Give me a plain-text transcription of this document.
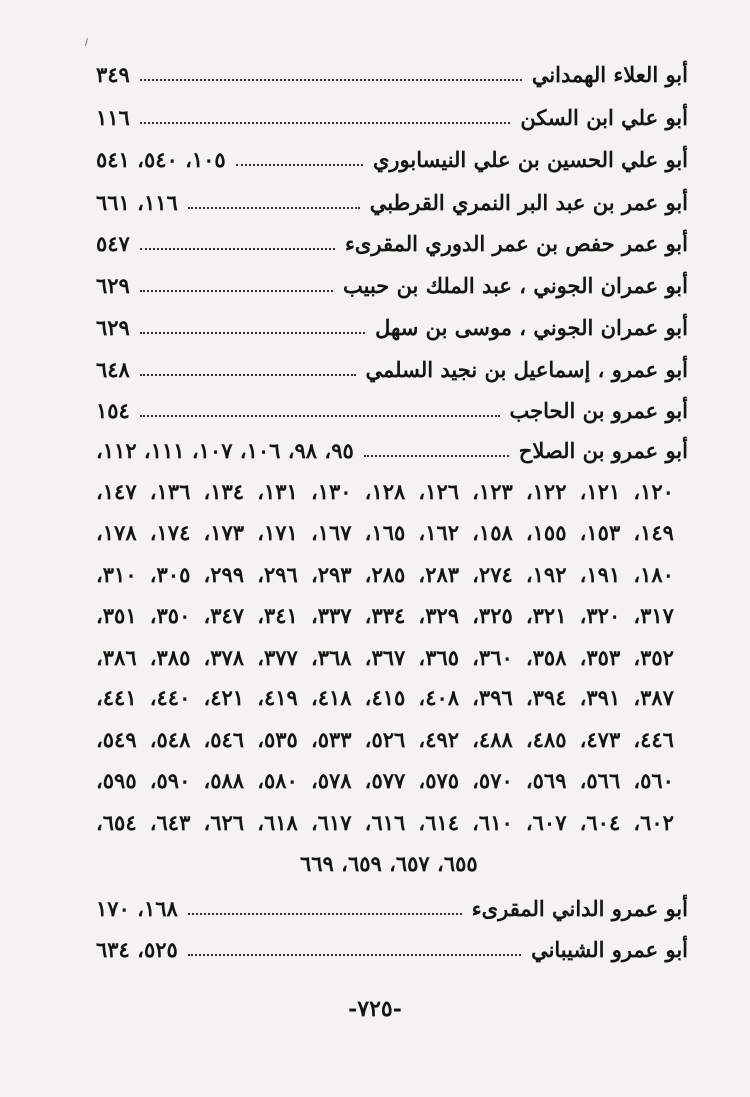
أبو العلاء الهمداني
٣٤٩
أبو علي ابن السكن
١١٦
أبو علي الحسين بن علي النيسابوري
١٠٥، ٥٤٠، ٥٤١
أبو عمر بن عبد البر النمري القرطبي
١١٦، ٦٦١
أبو عمر حفص بن عمر الدوري المقرىء
٥٤٧
أبو عمران الجوني ، عبد الملك بن حبيب
٦٢٩
أبو عمران الجوني ، موسى بن سهل
٦٢٩
أبو عمرو ، إسماعيل بن نجيد السلمي
٦٤٨
أبو عمرو بن الحاجب
١٥٤
أبو عمرو بن الصلاح
٩٥، ٩٨، ١٠٦، ١٠٧، ١١١، ١١٢،
١٢٠، ١٢١، ١٢٢، ١٢٣، ١٢٦، ١٢٨، ١٣٠، ١٣١، ١٣٤، ١٣٦، ١٤٧،
١٤٩، ١٥٣، ١٥٥، ١٥٨، ١٦٢، ١٦٥، ١٦٧، ١٧١، ١٧٣، ١٧٤، ١٧٨،
١٨٠، ١٩١، ١٩٢، ٢٧٤، ٢٨٣، ٢٨٥، ٢٩٣، ٢٩٦، ٢٩٩، ٣٠٥، ٣١٠،
٣١٧، ٣٢٠، ٣٢١، ٣٢٥، ٣٢٩، ٣٣٤، ٣٣٧، ٣٤١، ٣٤٧، ٣٥٠، ٣٥١،
٣٥٢، ٣٥٣، ٣٥٨، ٣٦٠، ٣٦٥، ٣٦٧، ٣٦٨، ٣٧٧، ٣٧٨، ٣٨٥، ٣٨٦،
٣٨٧، ٣٩١، ٣٩٤، ٣٩٦، ٤٠٨، ٤١٥، ٤١٨، ٤١٩، ٤٢١، ٤٤٠، ٤٤١،
٤٤٦، ٤٧٣، ٤٨٥، ٤٨٨، ٤٩٢، ٥٢٦، ٥٣٣، ٥٣٥، ٥٤٦، ٥٤٨، ٥٤٩،
٥٦٠، ٥٦٦، ٥٦٩، ٥٧٠، ٥٧٥، ٥٧٧، ٥٧٨، ٥٨٠، ٥٨٨، ٥٩٠، ٥٩٥،
٦٠٢، ٦٠٤، ٦٠٧، ٦١٠، ٦١٤، ٦١٦، ٦١٧، ٦١٨، ٦٢٦، ٦٤٣، ٦٥٤،
٦٥٥، ٦٥٧، ٦٥٩، ٦٦٩
أبو عمرو الداني المقرىء
١٦٨، ١٧٠
أبو عمرو الشيباني
٥٢٥، ٦٣٤
-٧٢٥-
